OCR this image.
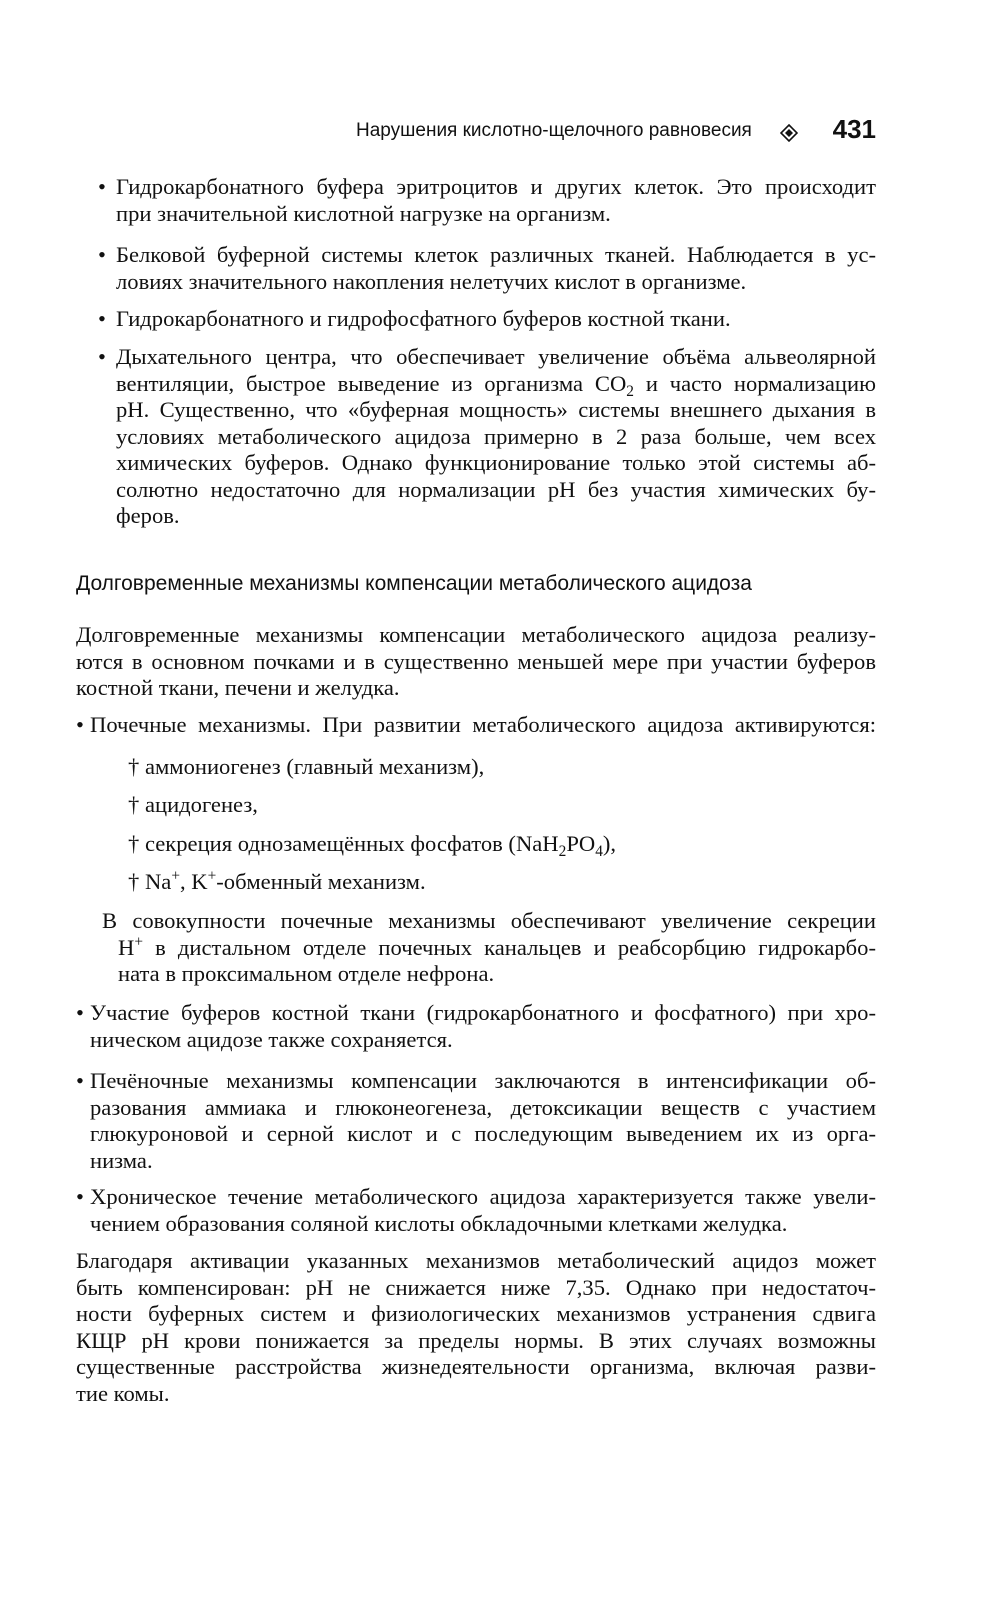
Нарушения кислотно-щелочного равновесия	431
• Гидрокарбонатного буфера эритроцитов и других клеток. Это происходит
при значительной кислотной нагрузке на организм.
• Белковой буферной системы клеток различных тканей. Наблюдается в ус-
ловиях значительного накопления нелетучих кислот в организме.
• Гидрокарбонатного и гидрофосфатного буферов костной ткани.
• Дыхательного центра, что обеспечивает увеличение объёма альвеолярной
вентиляции, быстрое выведение из организма $CO_2$ и часто нормализацию
pH. Существенно, что «буферная мощность» системы внешнего дыхания в
условиях метаболического ацидоза примерно в 2 раза больше, чем всех
химических буферов. Однако функционирование только этой системы аб-
солютно недостаточно для нормализации pH без участия химических бу-
феров.
Долговременные механизмы компенсации метаболического ацидоза
Долговременные механизмы компенсации метаболического ацидоза реализу-
ются в основном почками и в существенно меньшей мере при участии буферов
костной ткани, печени и желудка.
• Почечные механизмы. При развитии метаболического ацидоза активируются:
† аммониогенез (главный механизм),
† ацидогенез,
† секреция однозамещённых фосфатов $(NaH_2PO_4)$,
† Na+, K+-обменный механизм.
В совокупности почечные механизмы обеспечивают увеличение секреции
H+ в дистальном отделе почечных канальцев и реабсорбцию гидрокарбо-
ната в проксимальном отделе нефрона.
• Участие буферов костной ткани (гидрокарбонатного и фосфатного) при хро-
ническом ацидозе также сохраняется.
• Печёночные механизмы компенсации заключаются в интенсификации об-
разования аммиака и глюконеогенеза, детоксикации веществ с участием
глюкуроновой и серной кислот и с последующим выведением их из орга-
низма.
• Хроническое течение метаболического ацидоза характеризуется также увели-
чением образования соляной кислоты обкладочными клетками желудка.
Благодаря активации указанных механизмов метаболический ацидоз может
быть компенсирован: pH не снижается ниже 7,35. Однако при недостаточ-
ности буферных систем и физиологических механизмов устранения сдвига
КЩР pH крови понижается за пределы нормы. В этих случаях возможны
существенные расстройства жизнедеятельности организма, включая разви-
тие комы.
